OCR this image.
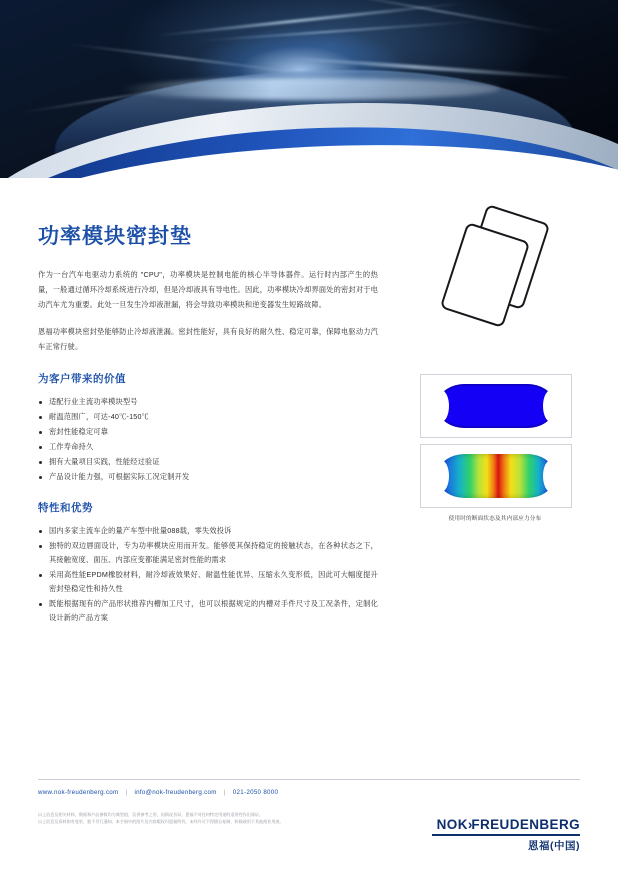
功率模块密封垫

作为一台汽车电驱动力系统的 "CPU"，功率模块是控制电能的核心半导体器件。运行时内部产生的热量，一般通过循环冷却系统进行冷却，但是冷却液具有导电性。因此，功率模块冷却界面处的密封对于电动汽车尤为重要。此处一旦发生冷却液泄漏，将会导致功率模块和逆变器发生短路故障。

恩福功率模块密封垫能够防止冷却液泄漏。密封性能好，具有良好的耐久性、稳定可靠，保障电驱动力汽车正常行驶。

为客户带来的价值
适配行业主流功率模块型号
耐温范围广，可达-40℃-150℃
密封性能稳定可靠
工作寿命持久
拥有大量项目实践，性能经过验证
产品设计能力强，可根据实际工况定制开发
特性和优势
国内多家主流车企的量产车型中批量088载，零失效投诉
独特的双边唇面设计，专为功率模块应用而开发。能够使其保持稳定的接触状态，在各种状态之下，其接触宽度、面压、内部应变都能满足密封性能的需求
采用高性能EPDM橡胶材料，耐冷却液效果好、耐温性能优异、压缩永久变形低，因此可大幅度提升密封垫稳定性和持久性
既能根据现有的产品形状推荐内槽加工尺寸，也可以根据规定的内槽对手件尺寸及工况条件，定制化设计新的产品方案
使用时的断面状态及其内部应力分布
www.nok-freudenberg.com | info@nok-freudenberg.com | 021-2050 8000
以上信息及相关材料、数据和产品参数均为典型值，仅供参考之用，因情况各异，恩福不对任何特定用途的适用性作出保证。
以上信息及资料如有变更，恕不另行通知。本手册中的图片及内容版权归恩福所有，未经许可不得擅自复制、转载或用于其他商业用途。	NOK›FREUDENBERG
恩福(中国)
